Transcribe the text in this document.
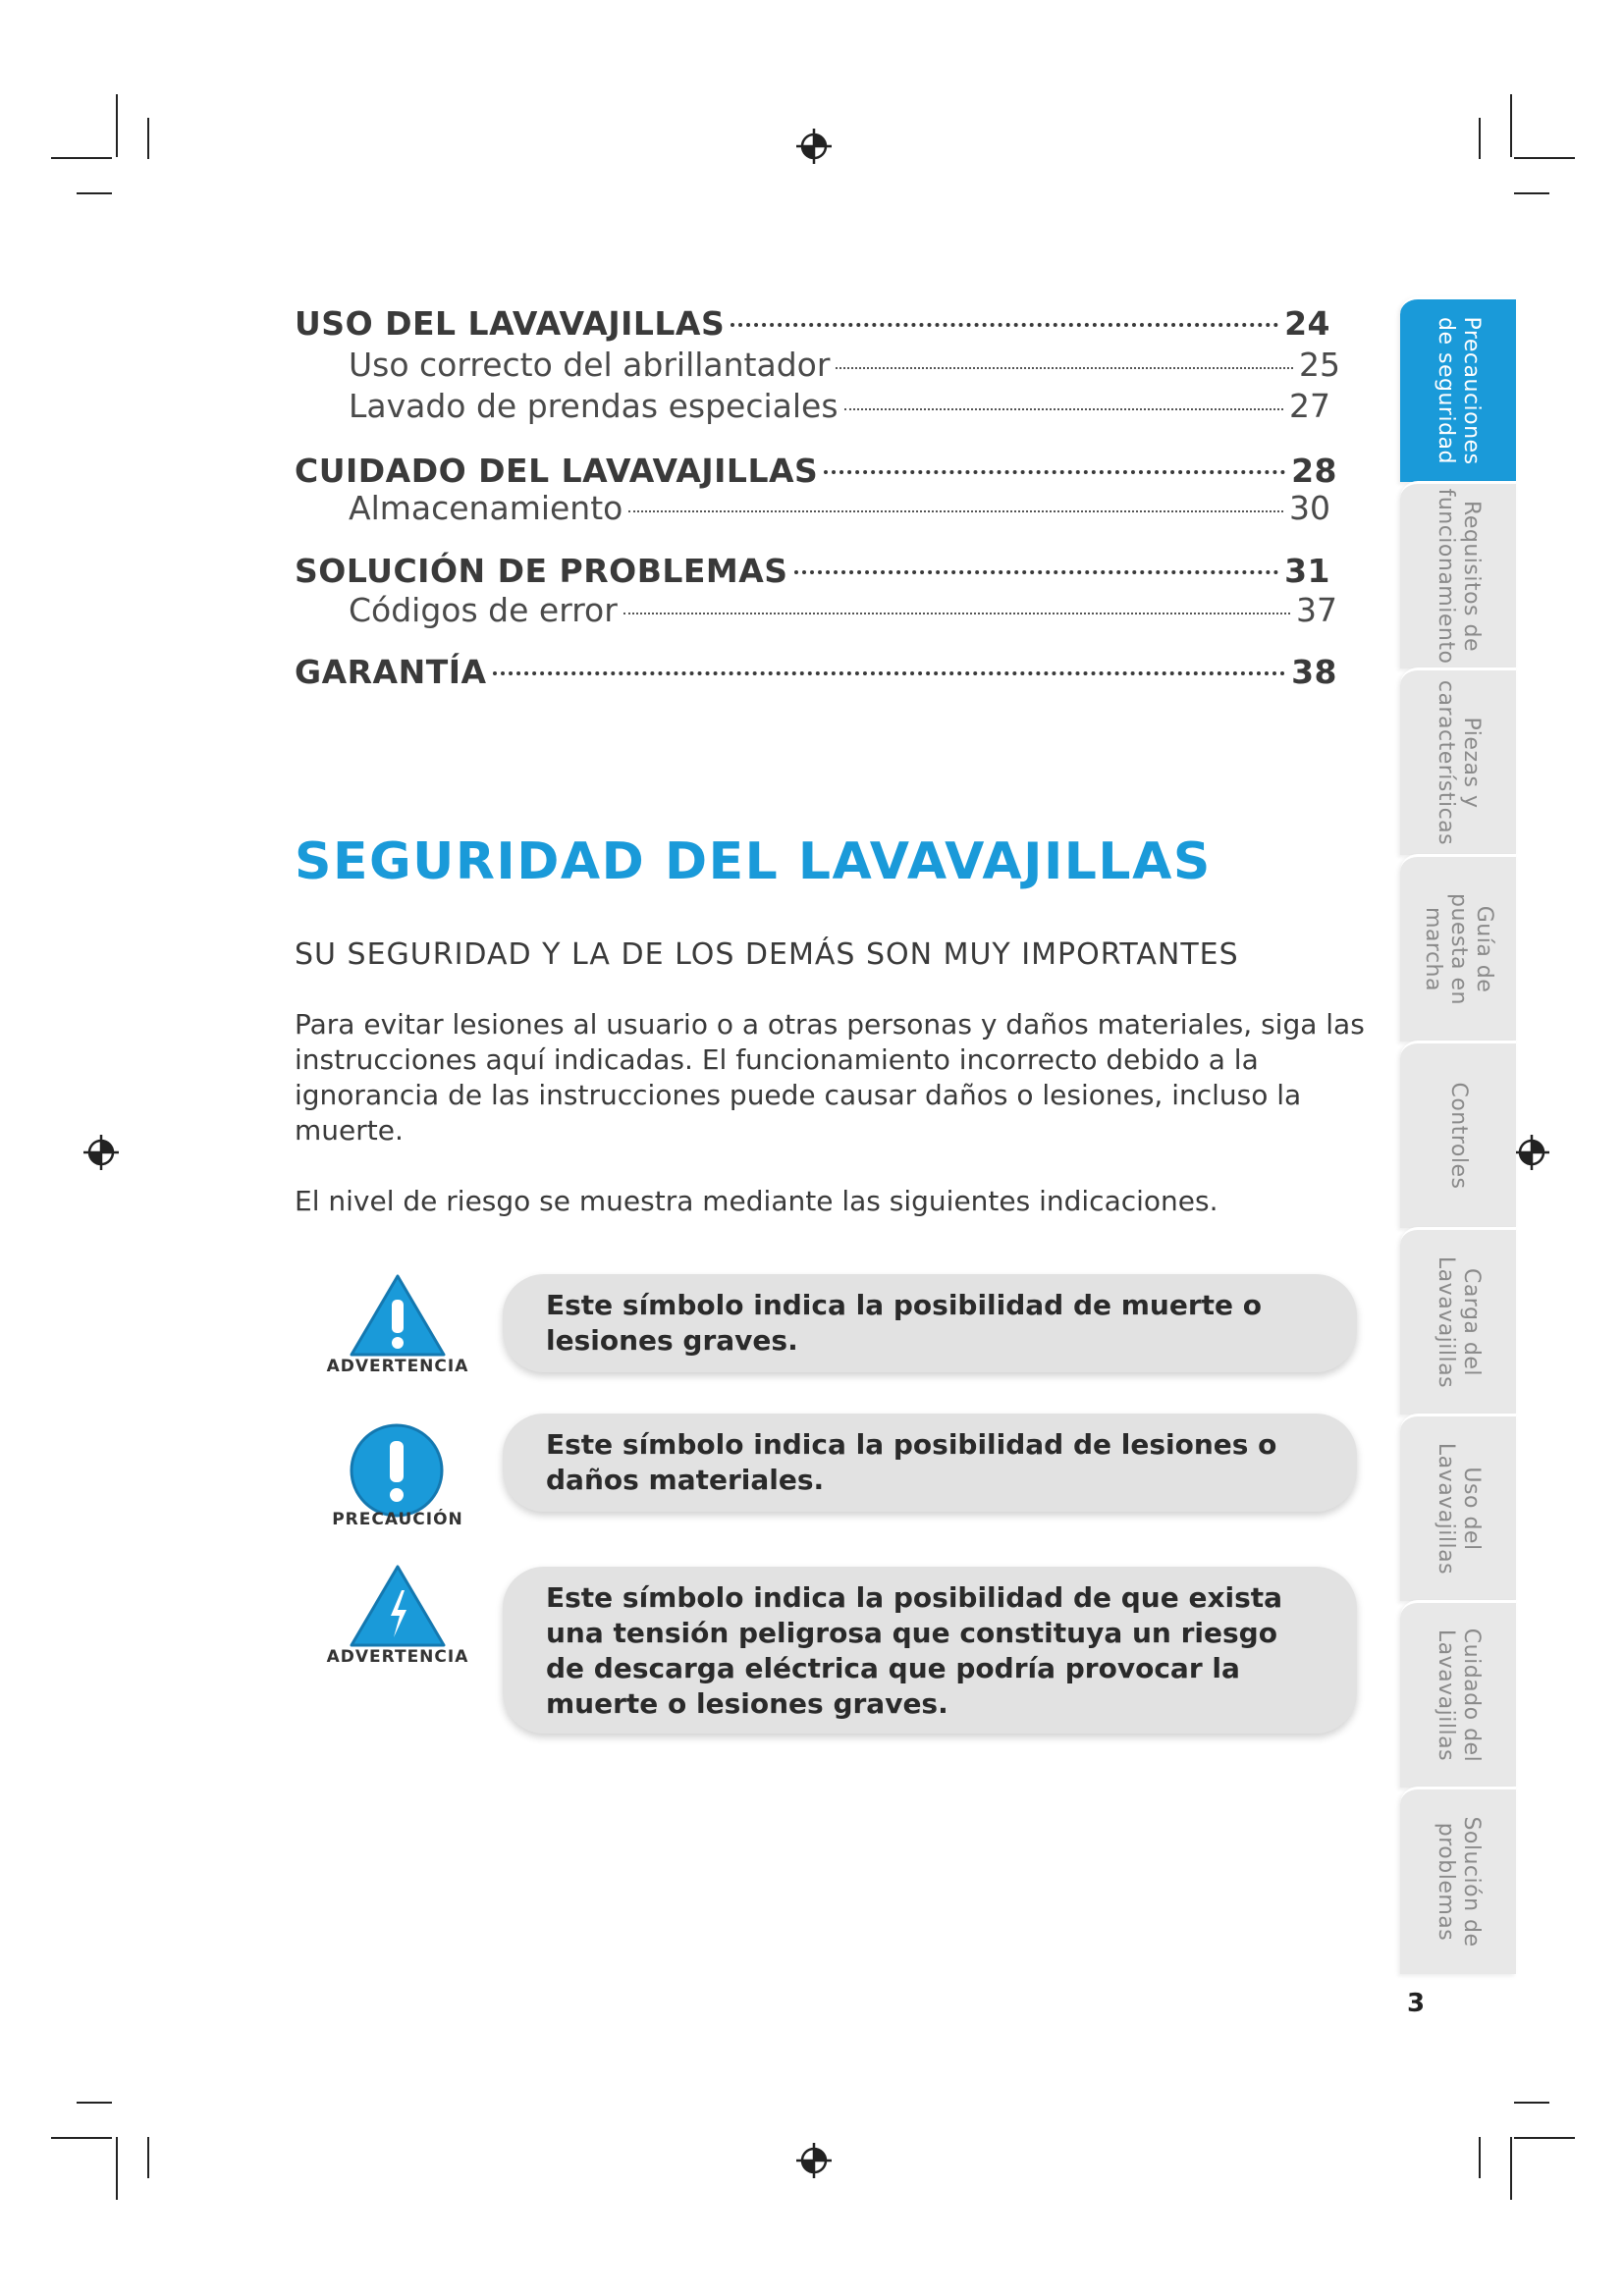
USO DEL LAVAVAJILLAS	24
Uso correcto del abrillantador	25
Lavado de prendas especiales	27
CUIDADO DEL LAVAVAJILLAS	28
Almacenamiento	30
SOLUCIÓN DE PROBLEMAS	31
Códigos de error	37
GARANTÍA	38
SEGURIDAD DEL LAVAVAJILLAS
SU SEGURIDAD Y LA DE LOS DEMÁS SON MUY IMPORTANTES
Para evitar lesiones al usuario o a otras personas y daños materiales, siga las instrucciones aquí indicadas. El funcionamiento incorrecto debido a la ignorancia de las instrucciones puede causar daños o lesiones, incluso la muerte.
El nivel de riesgo se muestra mediante las siguientes indicaciones.
ADVERTENCIA
Este símbolo indica la posibilidad de muerte o lesiones graves.
PRECAUCIÓN
Este símbolo indica la posibilidad de lesiones o daños materiales.
ADVERTENCIA
Este símbolo indica la posibilidad de que exista una tensión peligrosa que constituya un riesgo de descarga eléctrica que podría provocar la muerte o lesiones graves.
Precauciones
de seguridad
Requisitos de
funcionamiento
Piezas y
características
Guía de
puesta en
marcha
Controles
Carga del
Lavavajillas
Uso del
Lavavajillas
Cuidado del
Lavavajillas
Solución de
problemas
3
